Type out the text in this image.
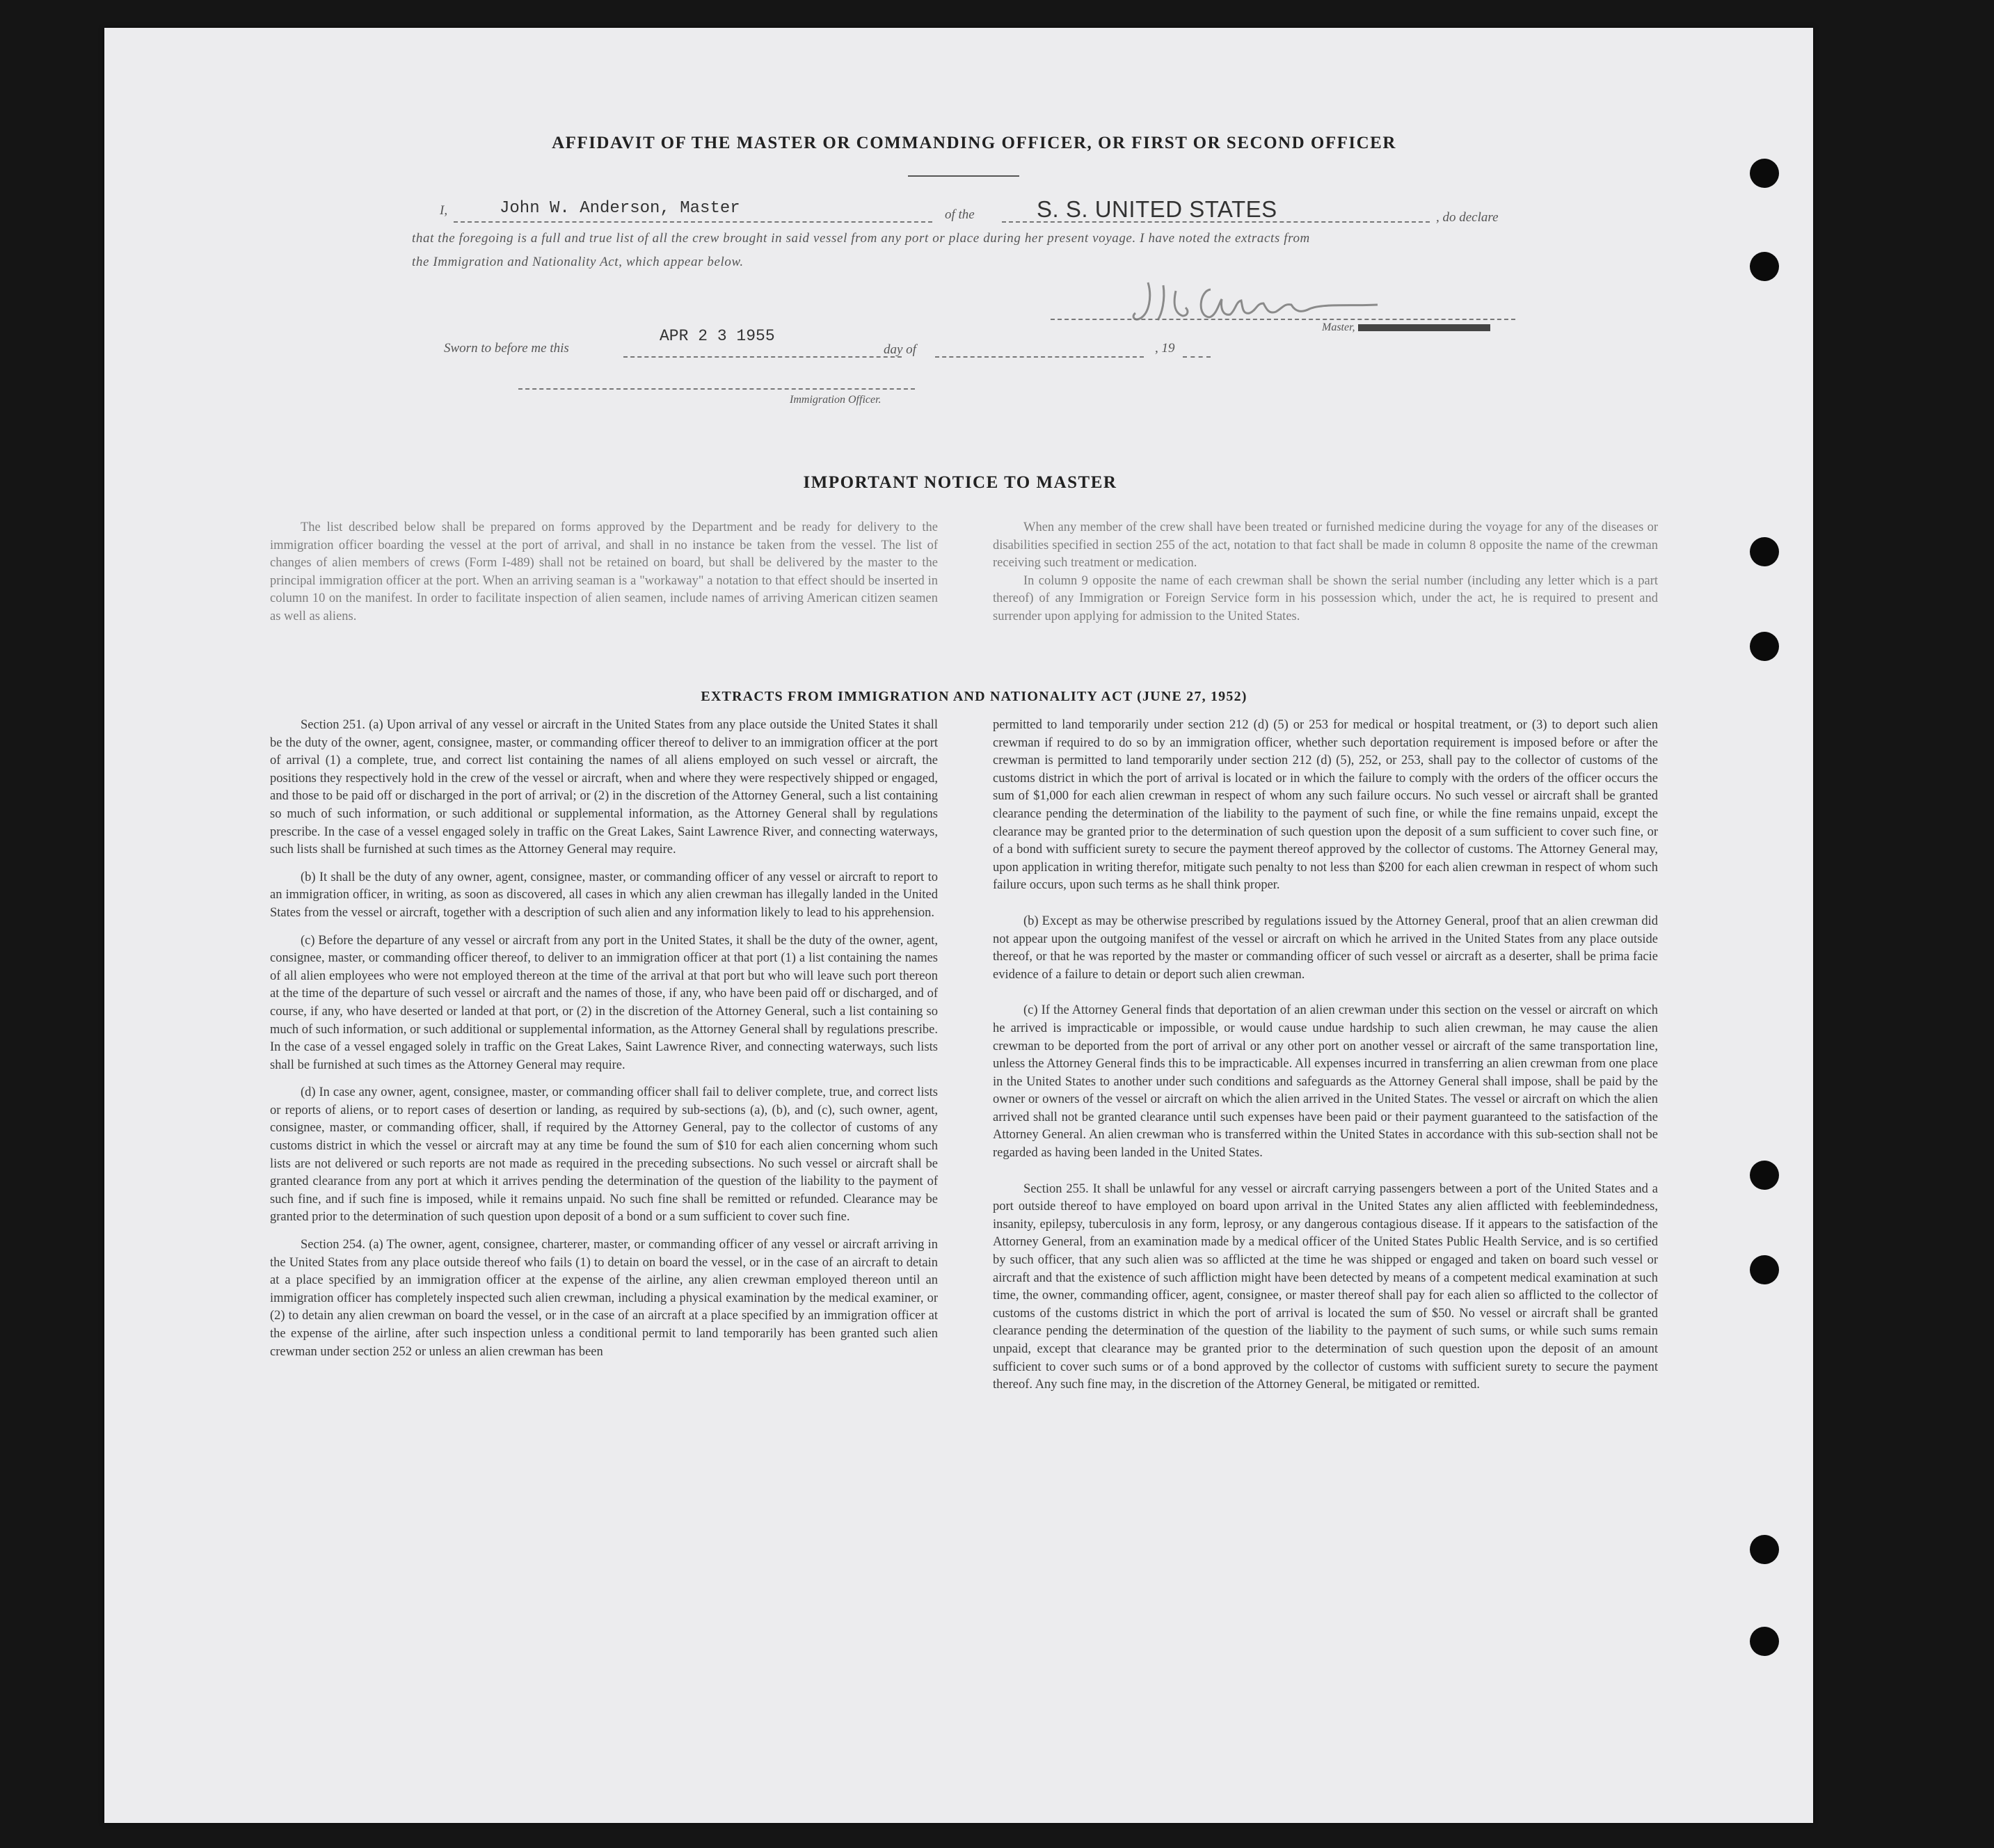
AFFIDAVIT OF THE MASTER OR COMMANDING OFFICER, OR FIRST OR SECOND OFFICER
I,	John W. Anderson, Master	of the	S. S. UNITED STATES	, do declare
that the foregoing is a full and true list of all the crew brought in said vessel from any port or place during her present voyage. I have noted the extracts from
the Immigration and Nationality Act, which appear below.
Master,
Sworn to before me this
APR 2 3 1955
day of	, 19
Immigration Officer.
IMPORTANT NOTICE TO MASTER

The list described below shall be prepared on forms approved by the Department and be ready for delivery to the immigration officer boarding the vessel at the port of arrival, and shall in no instance be taken from the vessel. The list of changes of alien members of crews (Form I-489) shall not be retained on board, but shall be delivered by the master to the principal immigration officer at the port. When an arriving seaman is a "workaway" a notation to that effect should be inserted in column 10 on the manifest. In order to facilitate inspection of alien seamen, include names of arriving American citizen seamen as well as aliens.

When any member of the crew shall have been treated or furnished medicine during the voyage for any of the diseases or disabilities specified in section 255 of the act, notation to that fact shall be made in column 8 opposite the name of the crewman receiving such treatment or medication.

In column 9 opposite the name of each crewman shall be shown the serial number (including any letter which is a part thereof) of any Immigration or Foreign Service form in his possession which, under the act, he is required to present and surrender upon applying for admission to the United States.

EXTRACTS FROM IMMIGRATION AND NATIONALITY ACT (JUNE 27, 1952)

Section 251. (a) Upon arrival of any vessel or aircraft in the United States from any place outside the United States it shall be the duty of the owner, agent, consignee, master, or commanding officer thereof to deliver to an immigration officer at the port of arrival (1) a complete, true, and correct list containing the names of all aliens employed on such vessel or aircraft, the positions they respectively hold in the crew of the vessel or aircraft, when and where they were respectively shipped or engaged, and those to be paid off or discharged in the port of arrival; or (2) in the discretion of the Attorney General, such a list containing so much of such information, or such additional or supplemental information, as the Attorney General shall by regulations prescribe. In the case of a vessel engaged solely in traffic on the Great Lakes, Saint Lawrence River, and connecting waterways, such lists shall be furnished at such times as the Attorney General may require.

(b) It shall be the duty of any owner, agent, consignee, master, or commanding officer of any vessel or aircraft to report to an immigration officer, in writing, as soon as discovered, all cases in which any alien crewman has illegally landed in the United States from the vessel or aircraft, together with a description of such alien and any information likely to lead to his apprehension.

(c) Before the departure of any vessel or aircraft from any port in the United States, it shall be the duty of the owner, agent, consignee, master, or commanding officer thereof, to deliver to an immigration officer at that port (1) a list containing the names of all alien employees who were not employed thereon at the time of the arrival at that port but who will leave such port thereon at the time of the departure of such vessel or aircraft and the names of those, if any, who have been paid off or discharged, and of course, if any, who have deserted or landed at that port, or (2) in the discretion of the Attorney General, such a list containing so much of such information, or such additional or supplemental information, as the Attorney General shall by regulations prescribe. In the case of a vessel engaged solely in traffic on the Great Lakes, Saint Lawrence River, and connecting waterways, such lists shall be furnished at such times as the Attorney General may require.

(d) In case any owner, agent, consignee, master, or commanding officer shall fail to deliver complete, true, and correct lists or reports of aliens, or to report cases of desertion or landing, as required by sub-sections (a), (b), and (c), such owner, agent, consignee, master, or commanding officer, shall, if required by the Attorney General, pay to the collector of customs of any customs district in which the vessel or aircraft may at any time be found the sum of $10 for each alien concerning whom such lists are not delivered or such reports are not made as required in the preceding subsections. No such vessel or aircraft shall be granted clearance from any port at which it arrives pending the determination of the question of the liability to the payment of such fine, and if such fine is imposed, while it remains unpaid. No such fine shall be remitted or refunded. Clearance may be granted prior to the determination of such question upon deposit of a bond or a sum sufficient to cover such fine.

Section 254. (a) The owner, agent, consignee, charterer, master, or commanding officer of any vessel or aircraft arriving in the United States from any place outside thereof who fails (1) to detain on board the vessel, or in the case of an aircraft to detain at a place specified by an immigration officer at the expense of the airline, any alien crewman employed thereon until an immigration officer has completely inspected such alien crewman, including a physical examination by the medical examiner, or (2) to detain any alien crewman on board the vessel, or in the case of an aircraft at a place specified by an immigration officer at the expense of the airline, after such inspection unless a conditional permit to land temporarily has been granted such alien crewman under section 252 or unless an alien crewman has been

permitted to land temporarily under section 212 (d) (5) or 253 for medical or hospital treatment, or (3) to deport such alien crewman if required to do so by an immigration officer, whether such deportation requirement is imposed before or after the crewman is permitted to land temporarily under section 212 (d) (5), 252, or 253, shall pay to the collector of customs of the customs district in which the port of arrival is located or in which the failure to comply with the orders of the officer occurs the sum of $1,000 for each alien crewman in respect of whom any such failure occurs. No such vessel or aircraft shall be granted clearance pending the determination of the liability to the payment of such fine, or while the fine remains unpaid, except the clearance may be granted prior to the determination of such question upon the deposit of a sum sufficient to cover such fine, or of a bond with sufficient surety to secure the payment thereof approved by the collector of customs. The Attorney General may, upon application in writing therefor, mitigate such penalty to not less than $200 for each alien crewman in respect of whom such failure occurs, upon such terms as he shall think proper.

(b) Except as may be otherwise prescribed by regulations issued by the Attorney General, proof that an alien crewman did not appear upon the outgoing manifest of the vessel or aircraft on which he arrived in the United States from any place outside thereof, or that he was reported by the master or commanding officer of such vessel or aircraft as a deserter, shall be prima facie evidence of a failure to detain or deport such alien crewman.

(c) If the Attorney General finds that deportation of an alien crewman under this section on the vessel or aircraft on which he arrived is impracticable or impossible, or would cause undue hardship to such alien crewman, he may cause the alien crewman to be deported from the port of arrival or any other port on another vessel or aircraft of the same transportation line, unless the Attorney General finds this to be impracticable. All expenses incurred in transferring an alien crewman from one place in the United States to another under such conditions and safeguards as the Attorney General shall impose, shall be paid by the owner or owners of the vessel or aircraft on which the alien arrived in the United States. The vessel or aircraft on which the alien arrived shall not be granted clearance until such expenses have been paid or their payment guaranteed to the satisfaction of the Attorney General. An alien crewman who is transferred within the United States in accordance with this sub-section shall not be regarded as having been landed in the United States.

Section 255. It shall be unlawful for any vessel or aircraft carrying passengers between a port of the United States and a port outside thereof to have employed on board upon arrival in the United States any alien afflicted with feeblemindedness, insanity, epilepsy, tuberculosis in any form, leprosy, or any dangerous contagious disease. If it appears to the satisfaction of the Attorney General, from an examination made by a medical officer of the United States Public Health Service, and is so certified by such officer, that any such alien was so afflicted at the time he was shipped or engaged and taken on board such vessel or aircraft and that the existence of such affliction might have been detected by means of a competent medical examination at such time, the owner, commanding officer, agent, consignee, or master thereof shall pay for each alien so afflicted to the collector of customs of the customs district in which the port of arrival is located the sum of $50. No vessel or aircraft shall be granted clearance pending the determination of the question of the liability to the payment of such sums, or while such sums remain unpaid, except that clearance may be granted prior to the determination of such question upon the deposit of an amount sufficient to cover such sums or of a bond approved by the collector of customs with sufficient surety to secure the payment thereof. Any such fine may, in the discretion of the Attorney General, be mitigated or remitted.
